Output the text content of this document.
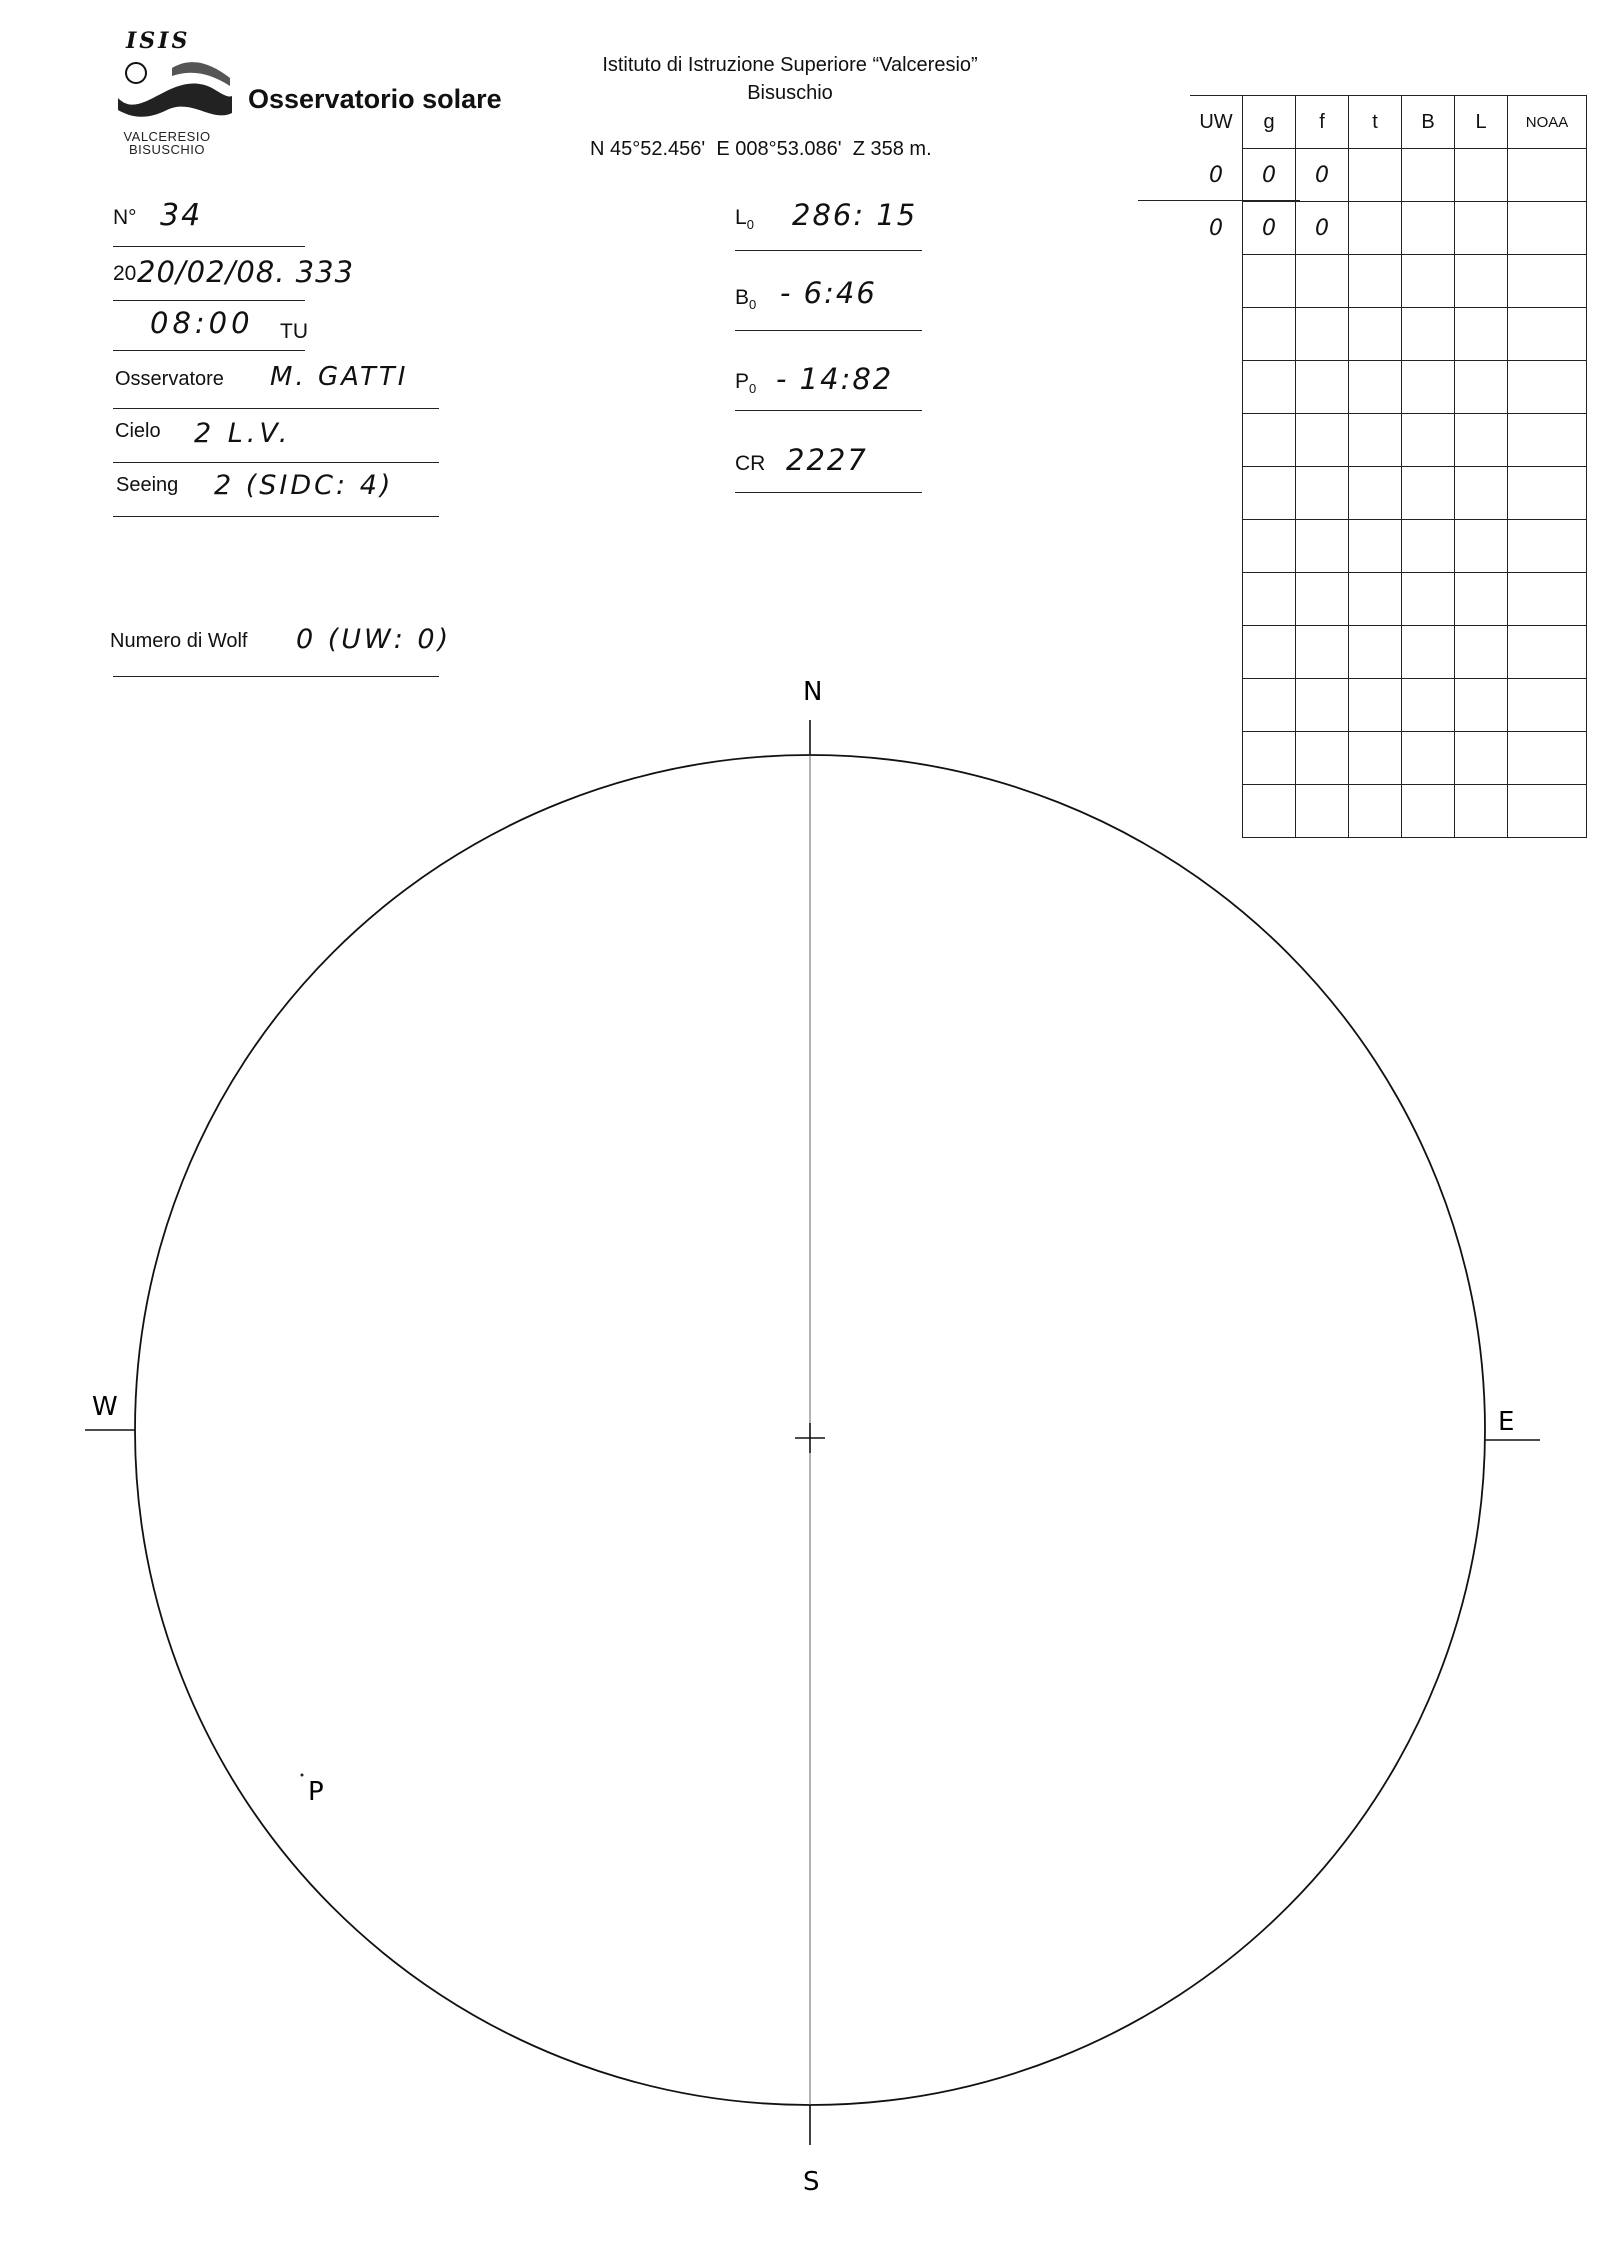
ISIS
VALCERESIO
BISUSCHIO
Osservatorio solare
Istituto di Istruzione Superiore “Valceresio”
Bisuschio
N 45°52.456'  E 008°53.086'  Z 358 m.
N° 34
20 20/02/08. 333
08:00 TU
Osservatore M. GATTI
Cielo 2 L.V.
Seeing 2 (SIDC: 4)
Numero di Wolf 0 (UW: 0)
$L_0$ 286: 15
$B_0$ - 6:46
$P_0$ - 14:82
CR 2227
UW	g	f	t	B	L	NOAA
0	0	0				
0	0	0				

N
S
W	E
P
